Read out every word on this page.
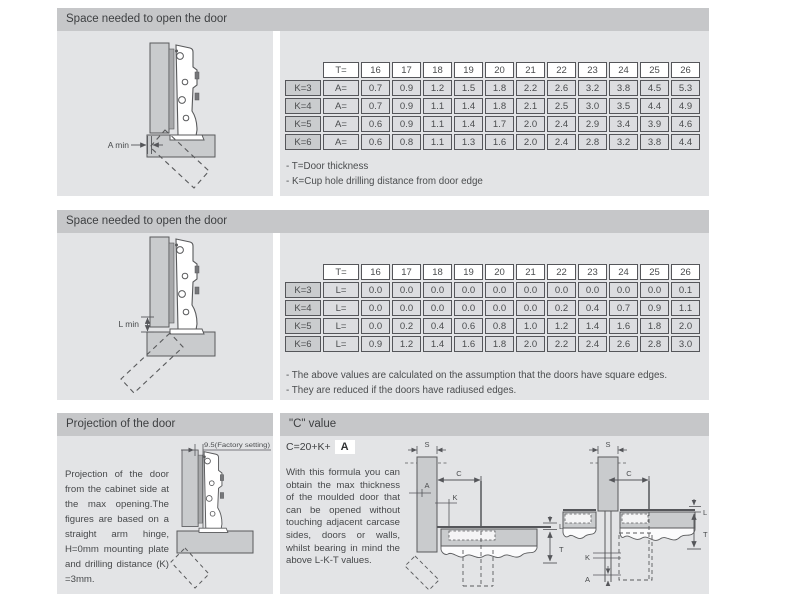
Space needed to open the door
A min
	T=	16	17	18	19	20	21	22	23	24	25	26
K=3	A=	0.7	0.9	1.2	1.5	1.8	2.2	2.6	3.2	3.8	4.5	5.3
K=4	A=	0.7	0.9	1.1	1.4	1.8	2.1	2.5	3.0	3.5	4.4	4.9
K=5	A=	0.6	0.9	1.1	1.4	1.7	2.0	2.4	2.9	3.4	3.9	4.6
K=6	A=	0.6	0.8	1.1	1.3	1.6	2.0	2.4	2.8	3.2	3.8	4.4
- T=Door thickness
- K=Cup hole drilling distance from door edge
Space needed to open the door
L min
	T=	16	17	18	19	20	21	22	23	24	25	26
K=3	L=	0.0	0.0	0.0	0.0	0.0	0.0	0.0	0.0	0.0	0.0	0.1
K=4	L=	0.0	0.0	0.0	0.0	0.0	0.0	0.2	0.4	0.7	0.9	1.1
K=5	L=	0.0	0.2	0.4	0.6	0.8	1.0	1.2	1.4	1.6	1.8	2.0
K=6	L=	0.9	1.2	1.4	1.6	1.8	2.0	2.2	2.4	2.6	2.8	3.0
- The above values are calculated on the assumption that the doors have square edges.
- They are reduced if the doors have radiused edges.
Projection of the door
9.5(Factory setting)
Projection of the door from the cabinet side at the max opening.The figures are based on a straight arm hinge, H=0mm mounting plate and drilling distance (K) =3mm.
"C" value
C=20+K+ A
With this formula you can obtain the max thickness of the moulded door that can be opened without touching adjacent carcase sides, doors or walls, whilst bearing in mind the above L-K-T values.
S
C
A
K
L
T
S
C
L
T
K
A
